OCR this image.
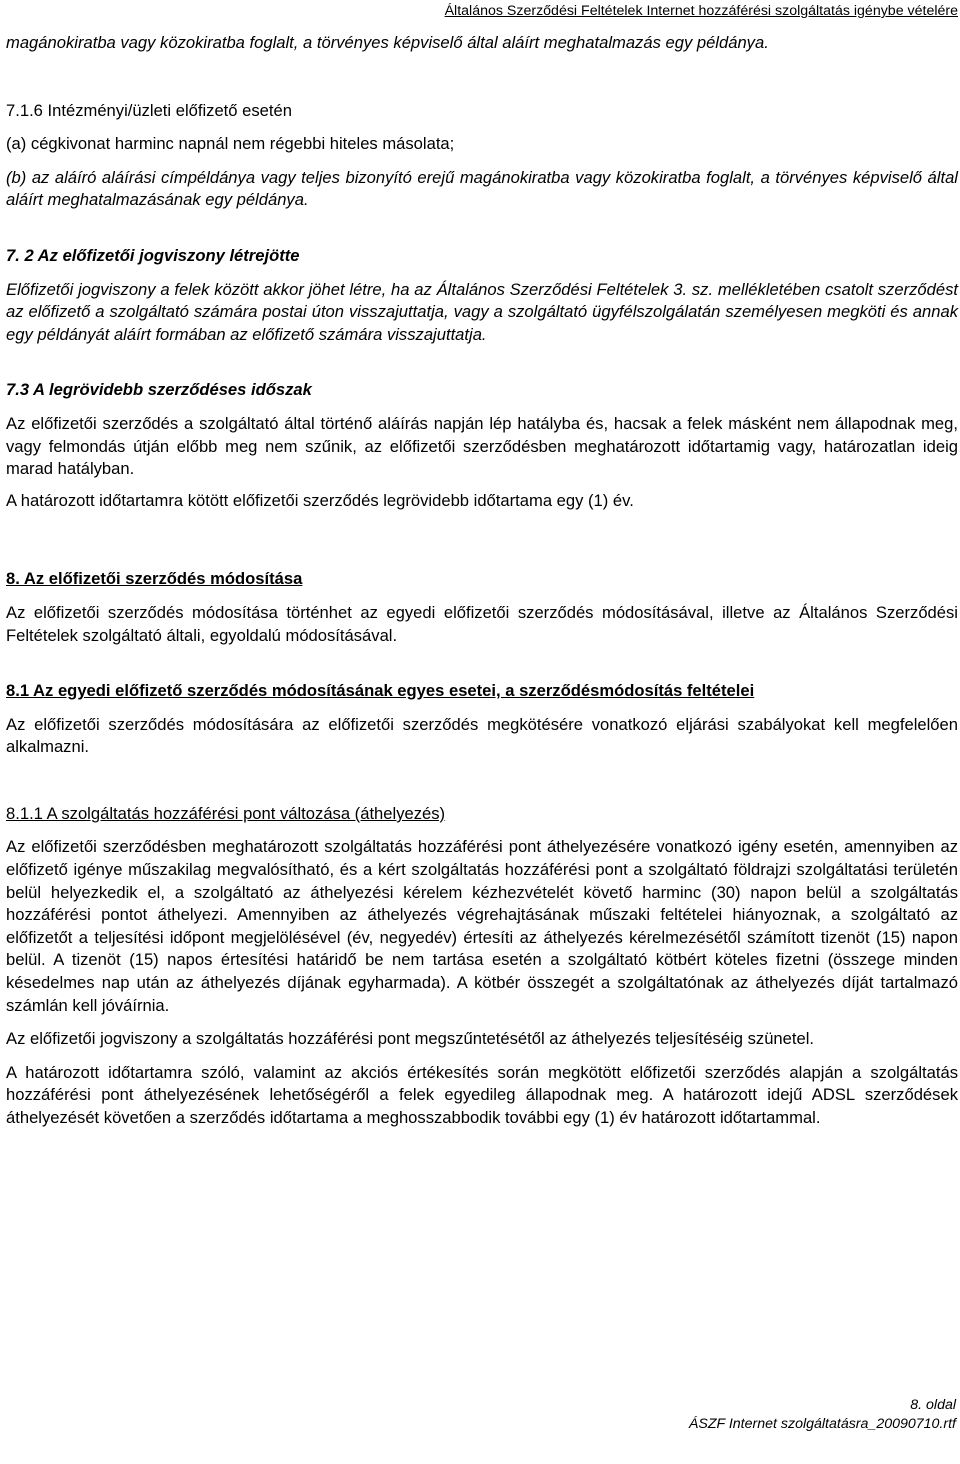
Általános Szerződési Feltételek Internet hozzáférési szolgáltatás igénybe vételére

magánokiratba vagy közokiratba foglalt, a törvényes képviselő által aláírt meghatalmazás egy példánya.

7.1.6 Intézményi/üzleti előfizető esetén

(a) cégkivonat harminc napnál nem régebbi hiteles másolata;

(b) az aláíró aláírási címpéldánya vagy teljes bizonyító erejű magánokiratba vagy közokiratba foglalt, a törvényes képviselő által aláírt meghatalmazásának egy példánya.

7. 2 Az előfizetői jogviszony létrejötte

Előfizetői jogviszony a felek között akkor jöhet létre, ha az Általános Szerződési Feltételek 3. sz. mellékletében csatolt szerződést az előfizető a szolgáltató számára postai úton visszajuttatja, vagy a szolgáltató ügyfélszolgálatán személyesen megköti és annak egy példányát aláírt formában az előfizető számára visszajuttatja.

7.3 A legrövidebb szerződéses időszak

Az előfizetői szerződés a szolgáltató által történő aláírás napján lép hatályba és, hacsak a felek másként nem állapodnak meg, vagy felmondás útján előbb meg nem szűnik, az előfizetői szerződésben meghatározott időtartamig vagy, határozatlan ideig marad hatályban.

A határozott időtartamra kötött előfizetői szerződés legrövidebb időtartama egy (1) év.

8. Az előfizetői szerződés módosítása

Az előfizetői szerződés módosítása történhet az egyedi előfizetői szerződés módosításával, illetve az Általános Szerződési Feltételek szolgáltató általi, egyoldalú módosításával.

8.1 Az egyedi előfizető szerződés módosításának egyes esetei, a szerződésmódosítás feltételei

Az előfizetői szerződés módosítására az előfizetői szerződés megkötésére vonatkozó eljárási szabályokat kell megfelelően alkalmazni.

8.1.1 A szolgáltatás hozzáférési pont változása (áthelyezés)

Az előfizetői szerződésben meghatározott szolgáltatás hozzáférési pont áthelyezésére vonatkozó igény esetén, amennyiben az előfizető igénye műszakilag megvalósítható, és a kért szolgáltatás hozzáférési pont a szolgáltató földrajzi szolgáltatási területén belül helyezkedik el, a szolgáltató az áthelyezési kérelem kézhezvételét követő harminc (30) napon belül a szolgáltatás hozzáférési pontot áthelyezi. Amennyiben az áthelyezés végrehajtásának műszaki feltételei hiányoznak, a szolgáltató az előfizetőt a teljesítési időpont megjelölésével (év, negyedév) értesíti az áthelyezés kérelmezésétől számított tizenöt (15) napon belül. A tizenöt (15) napos értesítési határidő be nem tartása esetén a szolgáltató kötbért köteles fizetni (összege minden késedelmes nap után az áthelyezés díjának egyharmada). A kötbér összegét a szolgáltatónak az áthelyezés díját tartalmazó számlán kell jóváírnia.

Az előfizetői jogviszony a szolgáltatás hozzáférési pont megszűntetésétől az áthelyezés teljesítéséig szünetel.

A határozott időtartamra szóló, valamint az akciós értékesítés során megkötött előfizetői szerződés alapján a szolgáltatás hozzáférési pont áthelyezésének lehetőségéről a felek egyedileg állapodnak meg. A határozott idejű ADSL szerződések áthelyezését követően a szerződés időtartama a meghosszabbodik további egy (1) év határozott időtartammal.

8. oldal
ÁSZF Internet szolgáltatásra_20090710.rtf
